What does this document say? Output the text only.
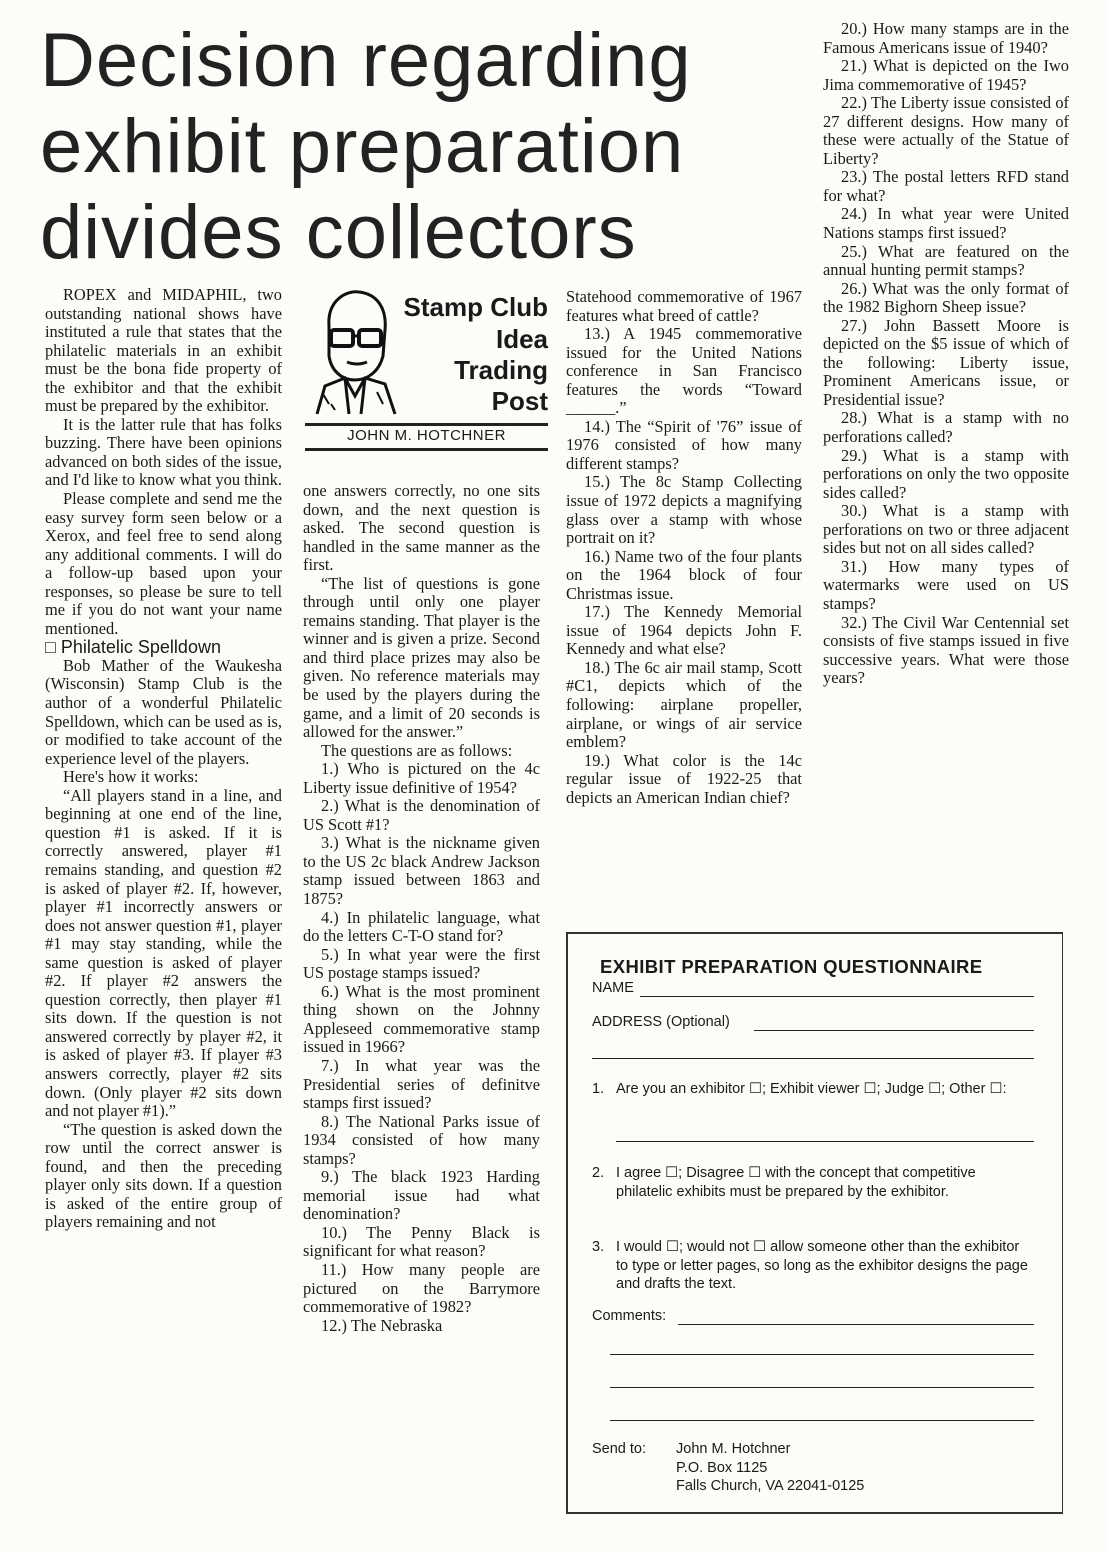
Decision regarding
exhibit preparation
divides collectors

ROPEX and MIDAPHIL, two outstanding national shows have instituted a rule that states that the philatelic materials in an exhibit must be the bona fide property of the exhibitor and that the exhibit must be prepared by the exhibitor.

It is the latter rule that has folks buzzing. There have been opinions advanced on both sides of the issue, and I'd like to know what you think.

Please complete and send me the easy survey form seen below or a Xerox, and feel free to send along any additional comments. I will do a follow-up based upon your responses, so please be sure to tell me if you do not want your name mentioned.

□ Philatelic Spelldown

Bob Mather of the Waukesha (Wisconsin) Stamp Club is the author of a wonderful Philatelic Spelldown, which can be used as is, or modified to take account of the experience level of the players.

Here's how it works:

“All players stand in a line, and beginning at one end of the line, question #1 is asked. If it is correctly answered, player #1 remains standing, and question #2 is asked of player #2. If, however, player #1 incorrectly answers or does not answer question #1, player #1 may stay standing, while the same question is asked of player #2. If player #2 answers the question correctly, then player #1 sits down. If the question is not answered correctly by player #2, it is asked of player #3. If player #3 answers correctly, player #2 sits down. (Only player #2 sits down and not player #1).”

“The question is asked down the row until the correct answer is found, and then the preceding player only sits down. If a question is asked of the entire group of players remaining and not

Stamp Club
Idea
Trading
Post
JOHN M. HOTCHNER

one answers correctly, no one sits down, and the next question is asked. The second question is handled in the same manner as the first.

“The list of questions is gone through until only one player remains standing. That player is the winner and is given a prize. Second and third place prizes may also be given. No reference materials may be used by the players during the game, and a limit of 20 seconds is allowed for the answer.”

The questions are as follows:

1.) Who is pictured on the 4c Liberty issue definitive of 1954?

2.) What is the denomination of US Scott #1?

3.) What is the nickname given to the US 2c black Andrew Jackson stamp issued between 1863 and 1875?

4.) In philatelic language, what do the letters C-T-O stand for?

5.) In what year were the first US postage stamps issued?

6.) What is the most prominent thing shown on the Johnny Appleseed commemorative stamp issued in 1966?

7.) In what year was the Presidential series of definitve stamps first issued?

8.) The National Parks issue of 1934 consisted of how many stamps?

9.) The black 1923 Harding memorial issue had what denomination?

10.) The Penny Black is significant for what reason?

11.) How many people are pictured on the Barrymore commemorative of 1982?

12.) The Nebraska

Statehood commemorative of 1967 features what breed of cattle?

13.) A 1945 commemorative issued for the United Nations conference in San Francisco features the words “Toward ______.”

14.) The “Spirit of '76” issue of 1976 consisted of how many different stamps?

15.) The 8c Stamp Collecting issue of 1972 depicts a magnifying glass over a stamp with whose portrait on it?

16.) Name two of the four plants on the 1964 block of four Christmas issue.

17.) The Kennedy Memorial issue of 1964 depicts John F. Kennedy and what else?

18.) The 6c air mail stamp, Scott #C1, depicts which of the following: airplane propeller, airplane, or wings of air service emblem?

19.) What color is the 14c regular issue of 1922-25 that depicts an American Indian chief?

20.) How many stamps are in the Famous Americans issue of 1940?

21.) What is depicted on the Iwo Jima commemorative of 1945?

22.) The Liberty issue consisted of 27 different designs. How many of these were actually of the Statue of Liberty?

23.) The postal letters RFD stand for what?

24.) In what year were United Nations stamps first issued?

25.) What are featured on the annual hunting permit stamps?

26.) What was the only format of the 1982 Bighorn Sheep issue?

27.) John Bassett Moore is depicted on the $5 issue of which of the following: Liberty issue, Prominent Americans issue, or Presidential issue?

28.) What is a stamp with no perforations called?

29.) What is a stamp with perforations on only the two opposite sides called?

30.) What is a stamp with perforations on two or three adjacent sides but not on all sides called?

31.) How many types of watermarks were used on US stamps?

32.) The Civil War Centennial set consists of five stamps issued in five successive years. What were those years?

EXHIBIT PREPARATION QUESTIONNAIRE
NAME
ADDRESS (Optional)
1. Are you an exhibitor ☐; Exhibit viewer ☐; Judge ☐; Other ☐:
2. I agree ☐; Disagree ☐ with the concept that competitive philatelic exhibits must be prepared by the exhibitor.
3. I would ☐; would not ☐ allow someone other than the exhibitor to type or letter pages, so long as the exhibitor designs the page and drafts the text.
Comments:
Send to: John M. Hotchner
P.O. Box 1125
Falls Church, VA 22041-0125
